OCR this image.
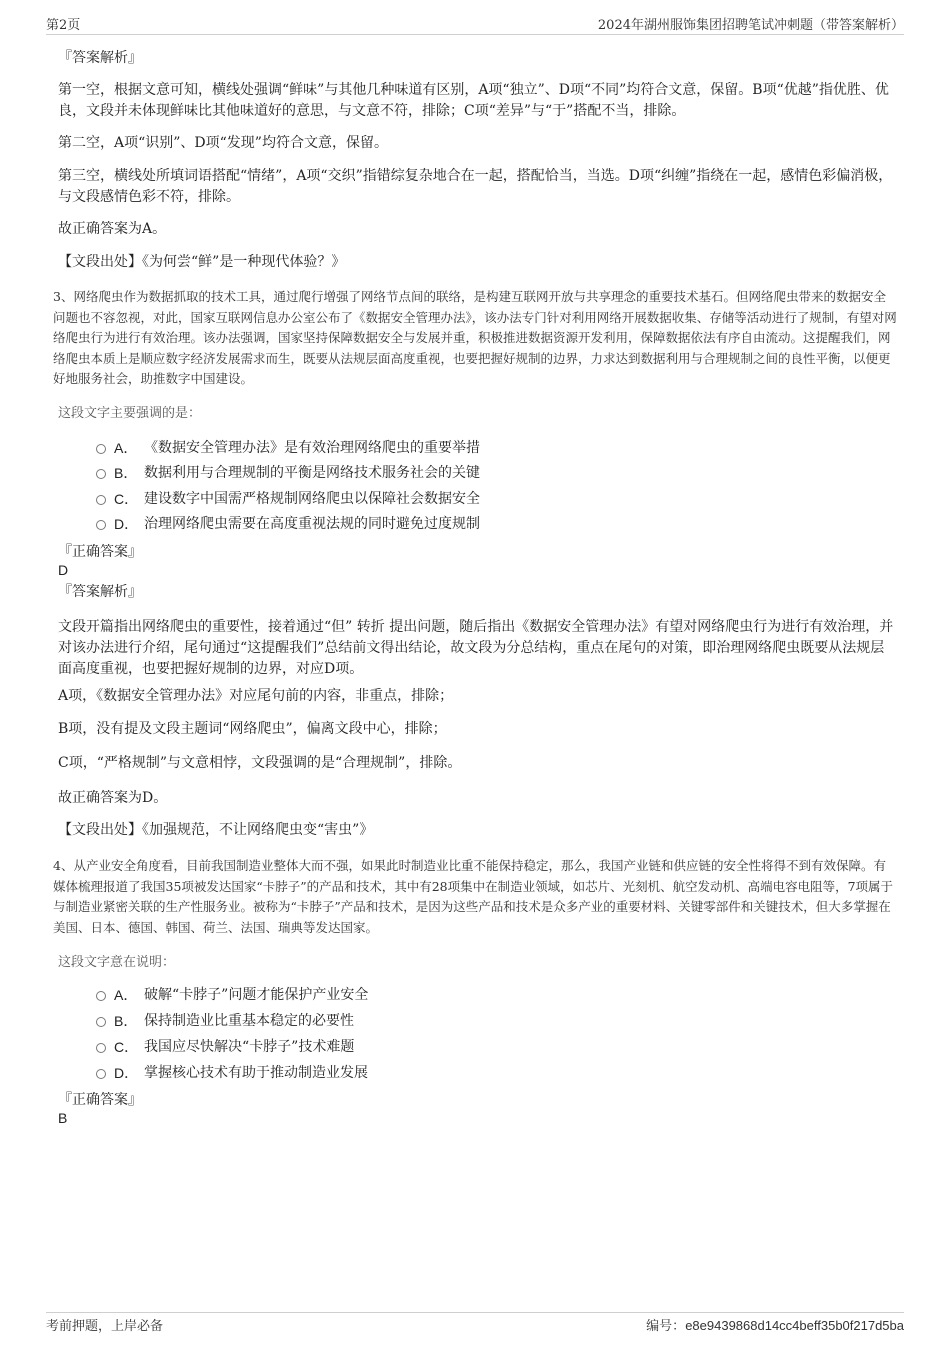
第2页	2024年湖州服饰集团招聘笔试冲刺题（带答案解析）

『答案解析』

第一空，根据文意可知，横线处强调“鲜味”与其他几种味道有区别，A项“独立”、D项“不同”均符合文意，保留。B项“优越”指优胜、优良，文段并未体现鲜味比其他味道好的意思，与文意不符，排除；C项“差异”与“于”搭配不当，排除。

第二空，A项“识别”、D项“发现”均符合文意，保留。

第三空，横线处所填词语搭配“情绪”，A项“交织”指错综复杂地合在一起，搭配恰当，当选。D项“纠缠”指绕在一起，感情色彩偏消极，与文段感情色彩不符，排除。

故正确答案为A。

【文段出处】《为何尝“鲜”是一种现代体验？》

3、网络爬虫作为数据抓取的技术工具，通过爬行增强了网络节点间的联络，是构建互联网开放与共享理念的重要技术基石。但网络爬虫带来的数据安全问题也不容忽视，对此，国家互联网信息办公室公布了《数据安全管理办法》，该办法专门针对利用网络开展数据收集、存储等活动进行了规制，有望对网络爬虫行为进行有效治理。该办法强调，国家坚持保障数据安全与发展并重，积极推进数据资源开发利用，保障数据依法有序自由流动。这提醒我们，网络爬虫本质上是顺应数字经济发展需求而生，既要从法规层面高度重视，也要把握好规制的边界，力求达到数据利用与合理规制之间的良性平衡，以便更好地服务社会，助推数字中国建设。

这段文字主要强调的是：

A． 《数据安全管理办法》是有效治理网络爬虫的重要举措
B． 数据利用与合理规制的平衡是网络技术服务社会的关键
C． 建设数字中国需严格规制网络爬虫以保障社会数据安全
D． 治理网络爬虫需要在高度重视法规的同时避免过度规制

『正确答案』

D

『答案解析』

文段开篇指出网络爬虫的重要性，接着通过“但” 转折 提出问题，随后指出《数据安全管理办法》有望对网络爬虫行为进行有效治理，并对该办法进行介绍，尾句通过“这提醒我们”总结前文得出结论，故文段为分总结构，重点在尾句的对策，即治理网络爬虫既要从法规层面高度重视，也要把握好规制的边界，对应D项。

A项，《数据安全管理办法》对应尾句前的内容，非重点，排除；

B项，没有提及文段主题词“网络爬虫”，偏离文段中心，排除；

C项，“严格规制”与文意相悖，文段强调的是“合理规制”，排除。

故正确答案为D。

【文段出处】《加强规范，不让网络爬虫变“害虫”》

4、从产业安全角度看，目前我国制造业整体大而不强，如果此时制造业比重不能保持稳定，那么，我国产业链和供应链的安全性将得不到有效保障。有媒体梳理报道了我国35项被发达国家“卡脖子”的产品和技术，其中有28项集中在制造业领域，如芯片、光刻机、航空发动机、高端电容电阻等，7项属于与制造业紧密关联的生产性服务业。被称为“卡脖子”产品和技术，是因为这些产品和技术是众多产业的重要材料、关键零部件和关键技术，但大多掌握在美国、日本、德国、韩国、荷兰、法国、瑞典等发达国家。

这段文字意在说明：

A． 破解“卡脖子”问题才能保护产业安全
B． 保持制造业比重基本稳定的必要性
C． 我国应尽快解决“卡脖子”技术难题
D． 掌握核心技术有助于推动制造业发展

『正确答案』

B
考前押题，上岸必备	编号：e8e9439868d14cc4beff35b0f217d5ba
